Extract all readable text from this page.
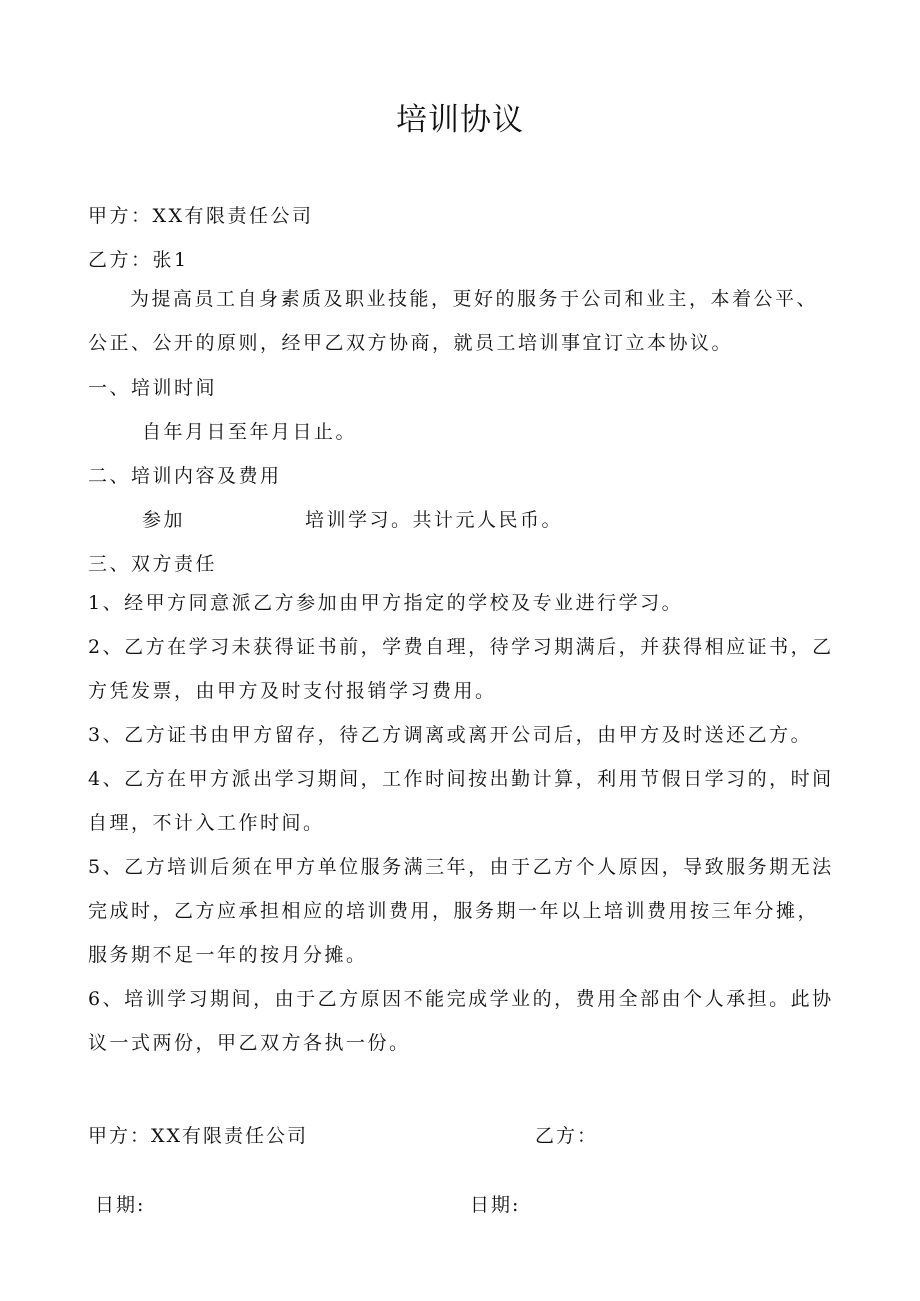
培训协议
甲方：XX有限责任公司
乙方：张1
为提高员工自身素质及职业技能，更好的服务于公司和业主，本着公平、公正、公开的原则，经甲乙双方协商，就员工培训事宜订立本协议。
一、培训时间
自年月日至年月日止。
二、培训内容及费用
参加	培训学习。共计元人民币。
三、双方责任
1、经甲方同意派乙方参加由甲方指定的学校及专业进行学习。
2、乙方在学习未获得证书前，学费自理，待学习期满后，并获得相应证书，乙方凭发票，由甲方及时支付报销学习费用。
3、乙方证书由甲方留存，待乙方调离或离开公司后，由甲方及时送还乙方。
4、乙方在甲方派出学习期间，工作时间按出勤计算，利用节假日学习的，时间自理，不计入工作时间。
5、乙方培训后须在甲方单位服务满三年，由于乙方个人原因，导致服务期无法完成时，乙方应承担相应的培训费用，服务期一年以上培训费用按三年分摊，服务期不足一年的按月分摊。
6、培训学习期间，由于乙方原因不能完成学业的，费用全部由个人承担。此协议一式两份，甲乙双方各执一份。
甲方：XX有限责任公司	乙方：
日期:	日期:
